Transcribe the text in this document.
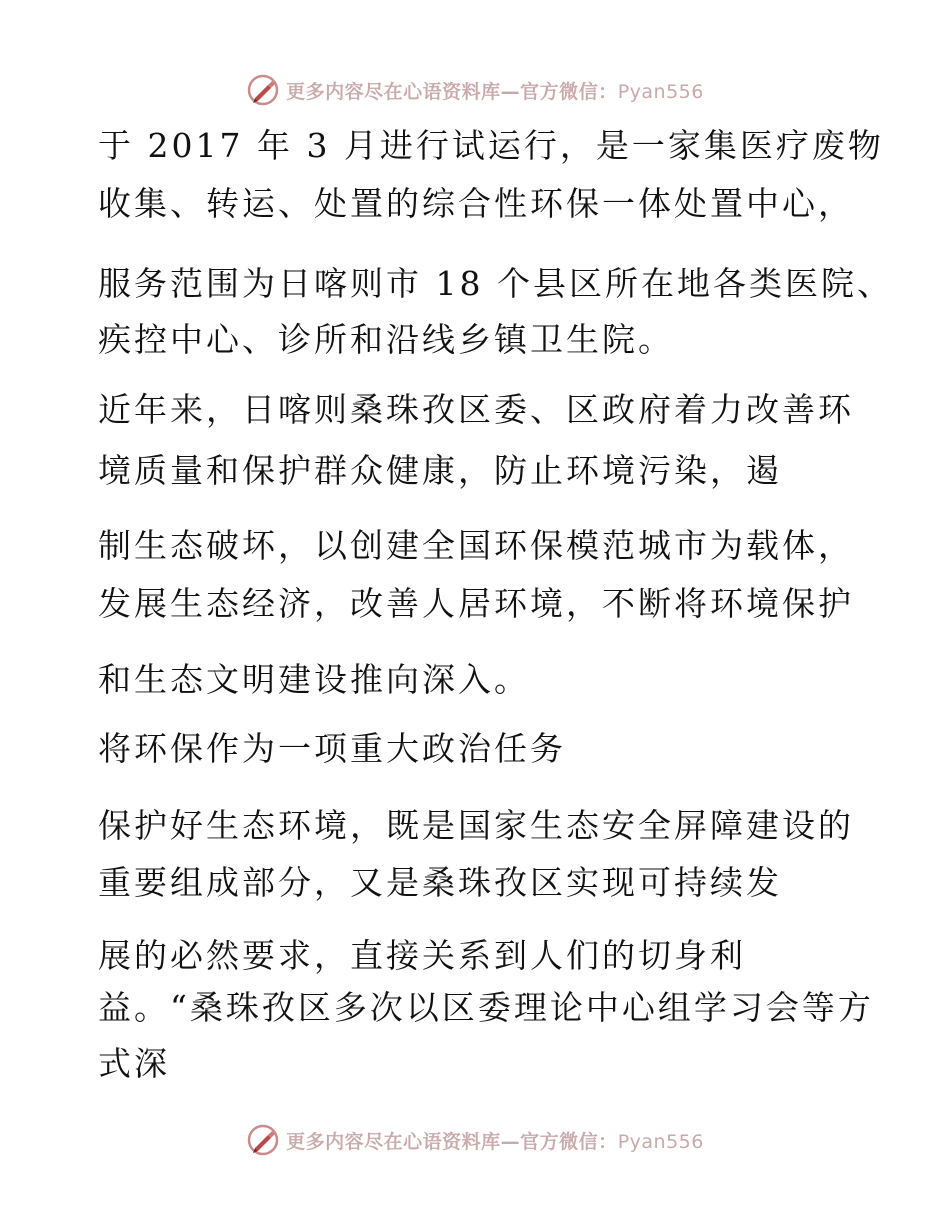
更多内容尽在心语资料库—官方微信：Pyan556
于 2017 年 3 月进行试运行，是一家集医疗废物
收集、转运、处置的综合性环保一体处置中心，
服务范围为日喀则市 18 个县区所在地各类医院、
疾控中心、诊所和沿线乡镇卫生院。
近年来，日喀则桑珠孜区委、区政府着力改善环
境质量和保护群众健康，防止环境污染，遏
制生态破坏，以创建全国环保模范城市为载体，
发展生态经济，改善人居环境，不断将环境保护
和生态文明建设推向深入。
将环保作为一项重大政治任务
保护好生态环境，既是国家生态安全屏障建设的
重要组成部分，又是桑珠孜区实现可持续发
展的必然要求，直接关系到人们的切身利
益。“桑珠孜区多次以区委理论中心组学习会等方
式深
更多内容尽在心语资料库—官方微信：Pyan556
